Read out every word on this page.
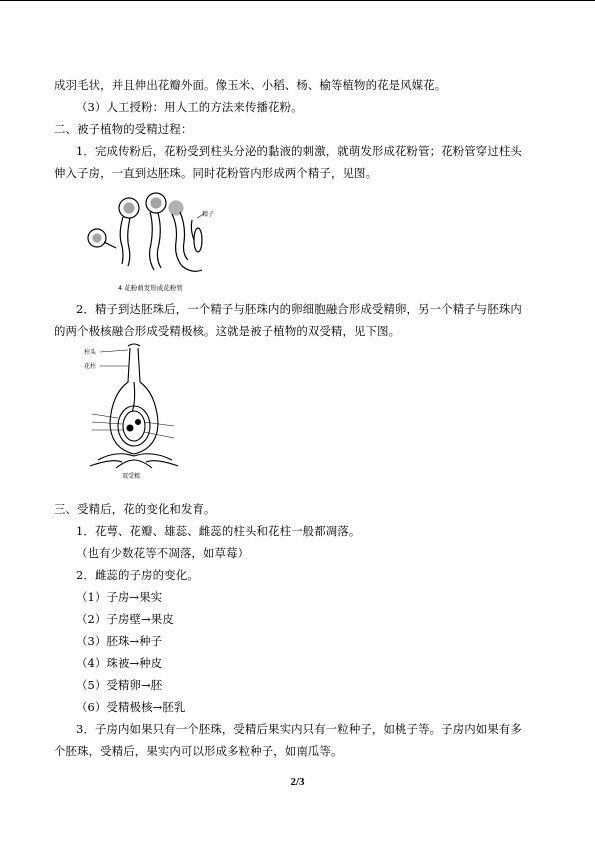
成羽毛状，并且伸出花瓣外面。像玉米、小稻、杨、榆等植物的花是风媒花。

（3）人工授粉：用人工的方法来传播花粉。

二、被子植物的受精过程：

1．完成传粉后，花粉受到柱头分泌的黏液的刺激，就萌发形成花粉管；花粉管穿过柱头

伸入子房，一直到达胚珠。同时花粉管内形成两个精子，见图。

精子
4 花粉萌发形成花粉管

2．精子到达胚珠后，一个精子与胚珠内的卵细胞融合形成受精卵，另一个精子与胚珠内

的两个极核融合形成受精极核。这就是被子植物的双受精，见下图。

柱头
花柱
双受精

三、受精后，花的变化和发育。

1．花萼、花瓣、雄蕊、雌蕊的柱头和花柱一般都凋落。

（也有少数花等不凋落，如草莓）

2．雌蕊的子房的变化。

（1）子房→果实

（2）子房壁→果皮

（3）胚珠→种子

（4）珠被→种皮

（5）受精卵→胚

（6）受精极核→胚乳

3．子房内如果只有一个胚珠，受精后果实内只有一粒种子，如桃子等。子房内如果有多

个胚珠，受精后，果实内可以形成多粒种子，如南瓜等。

2/3
